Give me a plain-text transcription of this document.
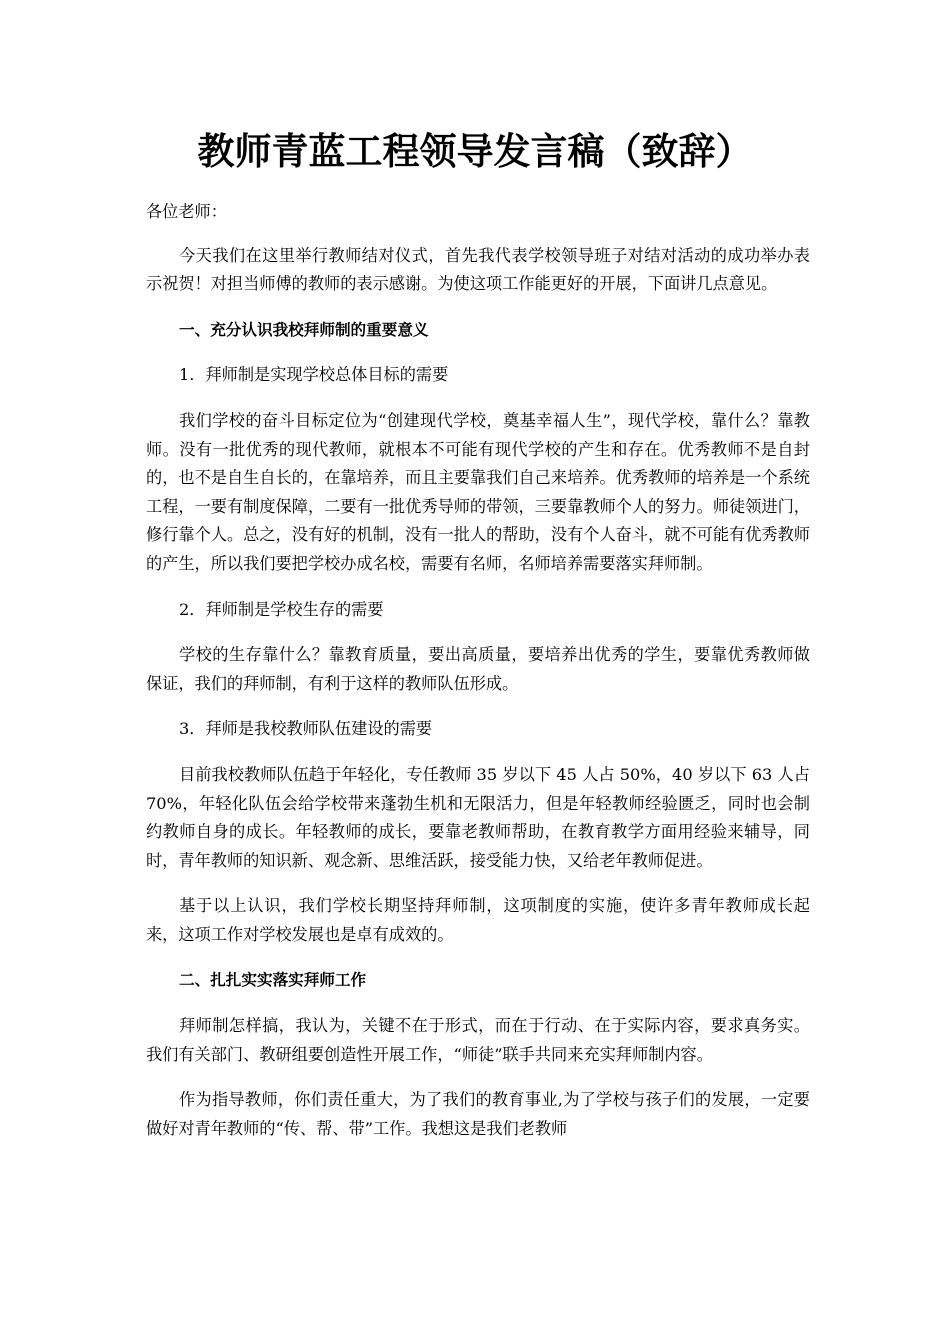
教师青蓝工程领导发言稿（致辞）

各位老师：

今天我们在这里举行教师结对仪式，首先我代表学校领导班子对结对活动的成功举办表示祝贺！对担当师傅的教师的表示感谢。为使这项工作能更好的开展，下面讲几点意见。

一、充分认识我校拜师制的重要意义

1．拜师制是实现学校总体目标的需要

我们学校的奋斗目标定位为“创建现代学校，奠基幸福人生”，现代学校，靠什么？靠教师。没有一批优秀的现代教师，就根本不可能有现代学校的产生和存在。优秀教师不是自封的，也不是自生自长的，在靠培养，而且主要靠我们自己来培养。优秀教师的培养是一个系统工程，一要有制度保障，二要有一批优秀导师的带领，三要靠教师个人的努力。师徒领进门，修行靠个人。总之，没有好的机制，没有一批人的帮助，没有个人奋斗，就不可能有优秀教师的产生，所以我们要把学校办成名校，需要有名师，名师培养需要落实拜师制。

2．拜师制是学校生存的需要

学校的生存靠什么？靠教育质量，要出高质量，要培养出优秀的学生，要靠优秀教师做保证，我们的拜师制，有利于这样的教师队伍形成。

3．拜师是我校教师队伍建设的需要

目前我校教师队伍趋于年轻化，专任教师 35 岁以下 45 人占 50%，40 岁以下 63 人占 70%，年轻化队伍会给学校带来蓬勃生机和无限活力，但是年轻教师经验匮乏，同时也会制约教师自身的成长。年轻教师的成长，要靠老教师帮助，在教育教学方面用经验来辅导，同时，青年教师的知识新、观念新、思维活跃，接受能力快，又给老年教师促进。

基于以上认识，我们学校长期坚持拜师制，这项制度的实施，使许多青年教师成长起来，这项工作对学校发展也是卓有成效的。

二、扎扎实实落实拜师工作

拜师制怎样搞，我认为，关键不在于形式，而在于行动、在于实际内容，要求真务实。我们有关部门、教研组要创造性开展工作，“师徒”联手共同来充实拜师制内容。

作为指导教师，你们责任重大，为了我们的教育事业,为了学校与孩子们的发展，一定要做好对青年教师的“传、帮、带”工作。我想这是我们老教师
